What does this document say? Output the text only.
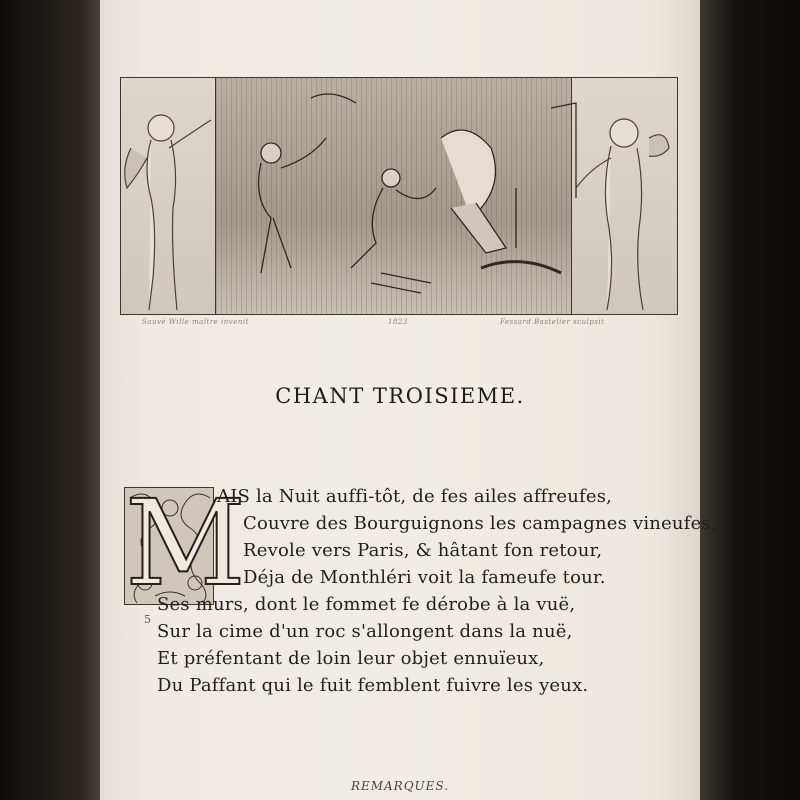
Sauvé Wille maître invenit	1823	Fessard Bastelier sculpsit
CHANT TROISIEME.
M
AIS la Nuit auffi-tôt, de fes ailes affreufes,
Couvre des Bourguignons les campagnes vineufes,
Revole vers Paris, & hâtant fon retour,
Déja de Monthléri voit la fameufe tour.
5
Ses murs, dont le fommet fe dérobe à la vuë,
Sur la cime d'un roc s'allongent dans la nuë,
Et préfentant de loin leur objet ennuïeux,
Du Paffant qui le fuit femblent fuivre les yeux.
REMARQUES.
